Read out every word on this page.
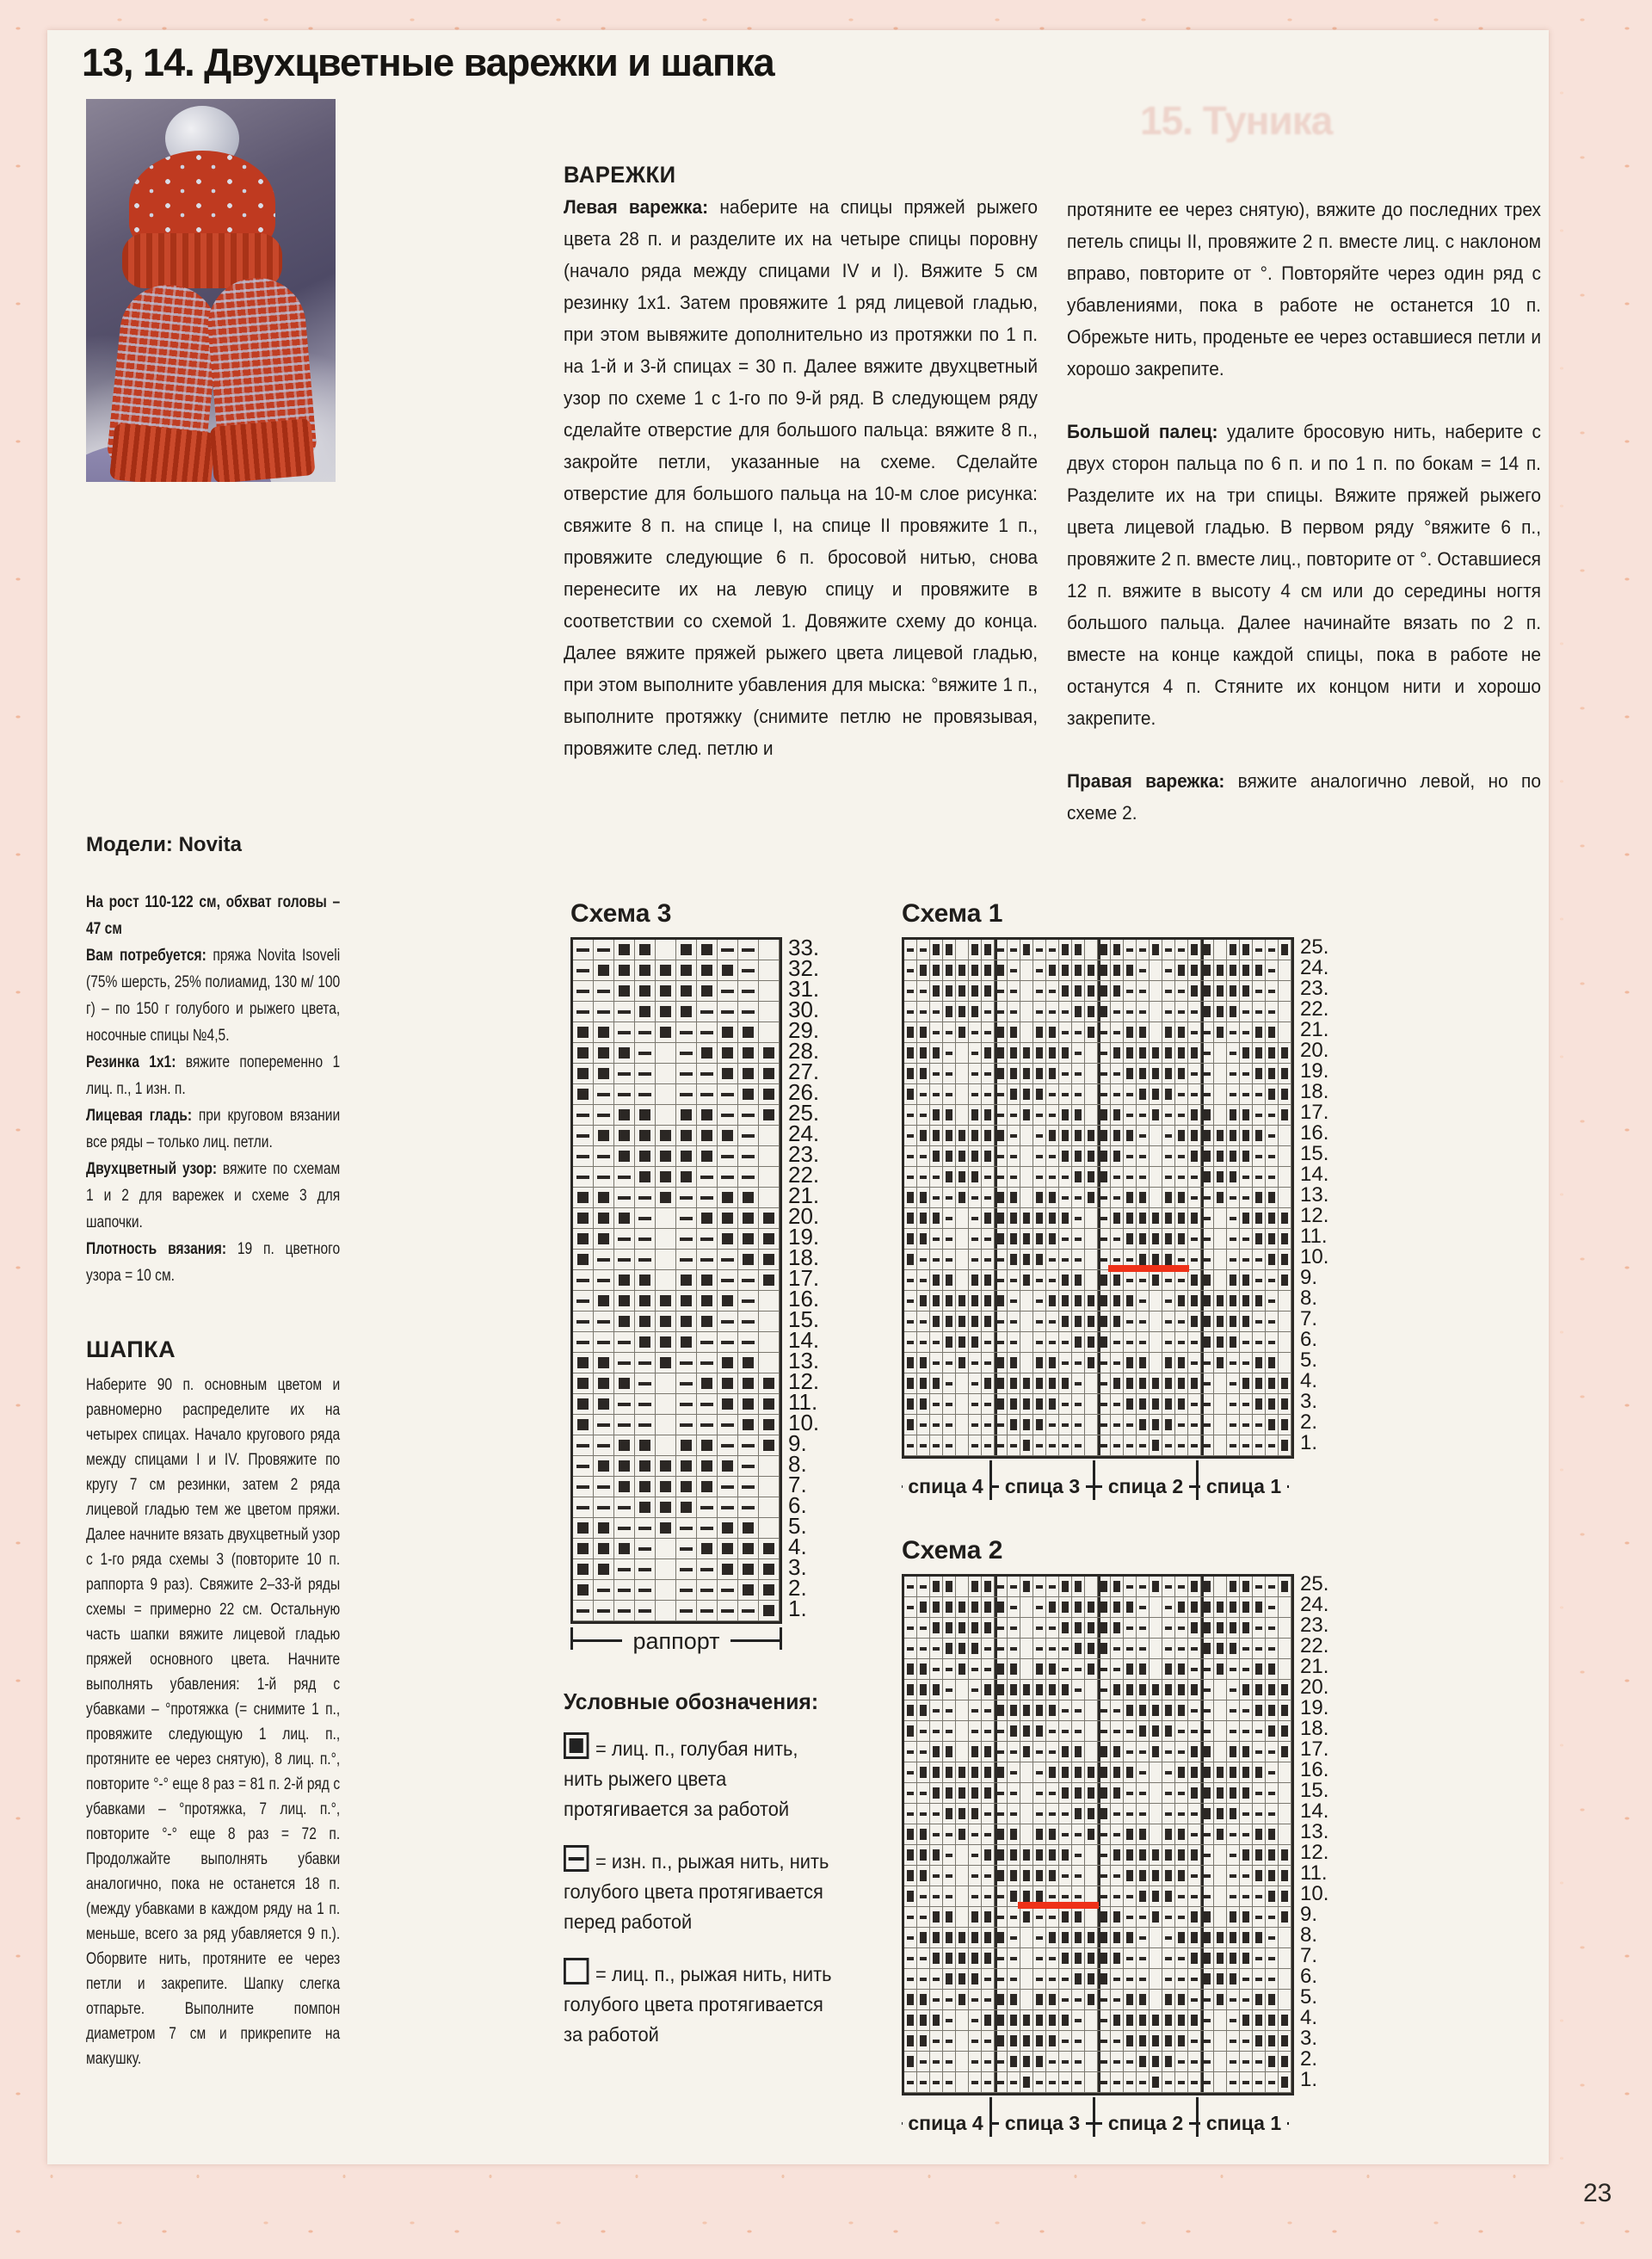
13, 14. Двухцветные варежки и шапка
15. Туника
Модели: Novita

На рост 110-122 см, обхват головы – 47 см

Вам потребуется: пряжа Novita Isoveli (75% шерсть, 25% полиамид, 130 м/ 100 г) – по 150 г голубого и рыжего цвета, носочные спицы №4,5.

Резинка 1х1: вяжите попеременно 1 лиц. п., 1 изн. п.

Лицевая гладь: при круговом вязании все ряды – только лиц. петли.

Двухцветный узор: вяжите по схемам 1 и 2 для варежек и схеме 3 для шапочки.

Плотность вязания: 19 п. цветного узора = 10 см.

ШАПКА
Наберите 90 п. основным цветом и равномерно распределите их на четырех спицах. Начало кругового ряда между спицами I и IV. Провяжите по кругу 7 см резинки, затем 2 ряда лицевой гладью тем же цветом пряжи. Далее начните вязать двухцветный узор с 1-го ряда схемы 3 (повторите 10 п. раппорта 9 раз). Свяжите 2–33-й ряды схемы = примерно 22 см. Остальную часть шапки вяжите лицевой гладью пряжей основного цвета. Начните выполнять убавления: 1-й ряд с убавками – °протяжка (= снимите 1 п., провяжите следующую 1 лиц. п., протяните ее через снятую), 8 лиц. п.°, повторите °-° еще 8 раз = 81 п. 2-й ряд с убавками – °протяжка, 7 лиц. п.°, повторите °-° еще 8 раз = 72 п. Продолжайте выполнять убавки аналогично, пока не останется 18 п. (между убавками в каждом ряду на 1 п. меньше, всего за ряд убавляется 9 п.). Оборвите нить, протяните ее через петли и закрепите. Шапку слегка отпарьте. Выполните помпон диаметром 7 см и прикрепите на макушку.

ВАРЕЖКИ

Левая варежка: наберите на спицы пряжей рыжего цвета 28 п. и разделите их на четыре спицы поровну (начало ряда между спицами IV и I). Вяжите 5 см резинку 1х1. Затем провяжите 1 ряд лицевой гладью, при этом вывяжите дополнительно из протяжки по 1 п. на 1-й и 3-й спицах = 30 п. Далее вяжите двухцветный узор по схеме 1 с 1-го по 9-й ряд. В следующем ряду сделайте отверстие для большого пальца: вяжите 8 п., закройте петли, указанные на схеме. Сделайте отверстие для большого пальца на 10-м слое рисунка: свяжите 8 п. на спице I, на спице II провяжите 1 п., провяжите следующие 6 п. бросовой нитью, снова перенесите их на левую спицу и провяжите в соответствии со схемой 1. Довяжите схему до конца. Далее вяжите пряжей рыжего цвета лицевой гладью, при этом выполните убавления для мыска: °вяжите 1 п., выполните протяжку (снимите петлю не провязывая, провяжите след. петлю и

протяните ее через снятую), вяжите до последних трех петель спицы II, провяжите 2 п. вместе лиц. с наклоном вправо, повторите от °. Повторяйте через один ряд с убавлениями, пока в работе не останется 10 п. Обрежьте нить, проденьте ее через оставшиеся петли и хорошо закрепите.

Большой палец: удалите бросовую нить, наберите с двух сторон пальца по 6 п. и по 1 п. по бокам = 14 п. Разделите их на три спицы. Вяжите пряжей рыжего цвета лицевой гладью. В первом ряду °вяжите 6 п., провяжите 2 п. вместе лиц., повторите от °. Оставшиеся 12 п. вяжите в высоту 4 см или до середины ногтя большого пальца. Далее начинайте вязать по 2 п. вместе на конце каждой спицы, пока в работе не останутся 4 п. Стяните их концом нити и хорошо закрепите.

Правая варежка: вяжите аналогично левой, но по схеме 2.

Схема 3

33.
32.
31.
30.
29.
28.
27.
26.
25.
24.
23.
22.
21.
20.
19.
18.
17.
16.
15.
14.
13.
12.
11.
10.
9.
8.
7.
6.
5.
4.
3.
2.
1.
раппорт

Условные обозначения:

= лиц. п., голубая нить, нить рыжего цвета протягивается за работой

= изн. п., рыжая нить, нить голубого цвета протягивается перед работой

= лиц. п., рыжая нить, нить голубого цвета протягивается за работой

Схема 1

25.
24.
23.
22.
21.
20.
19.
18.
17.
16.
15.
14.
13.
12.
11.
10.
9.
8.
7.
6.
5.
4.
3.
2.
1.
спица 4 спица 3 спица 2 спица 1

Схема 2

25.
24.
23.
22.
21.
20.
19.
18.
17.
16.
15.
14.
13.
12.
11.
10.
9.
8.
7.
6.
5.
4.
3.
2.
1.
спица 4 спица 3 спица 2 спица 1
23
